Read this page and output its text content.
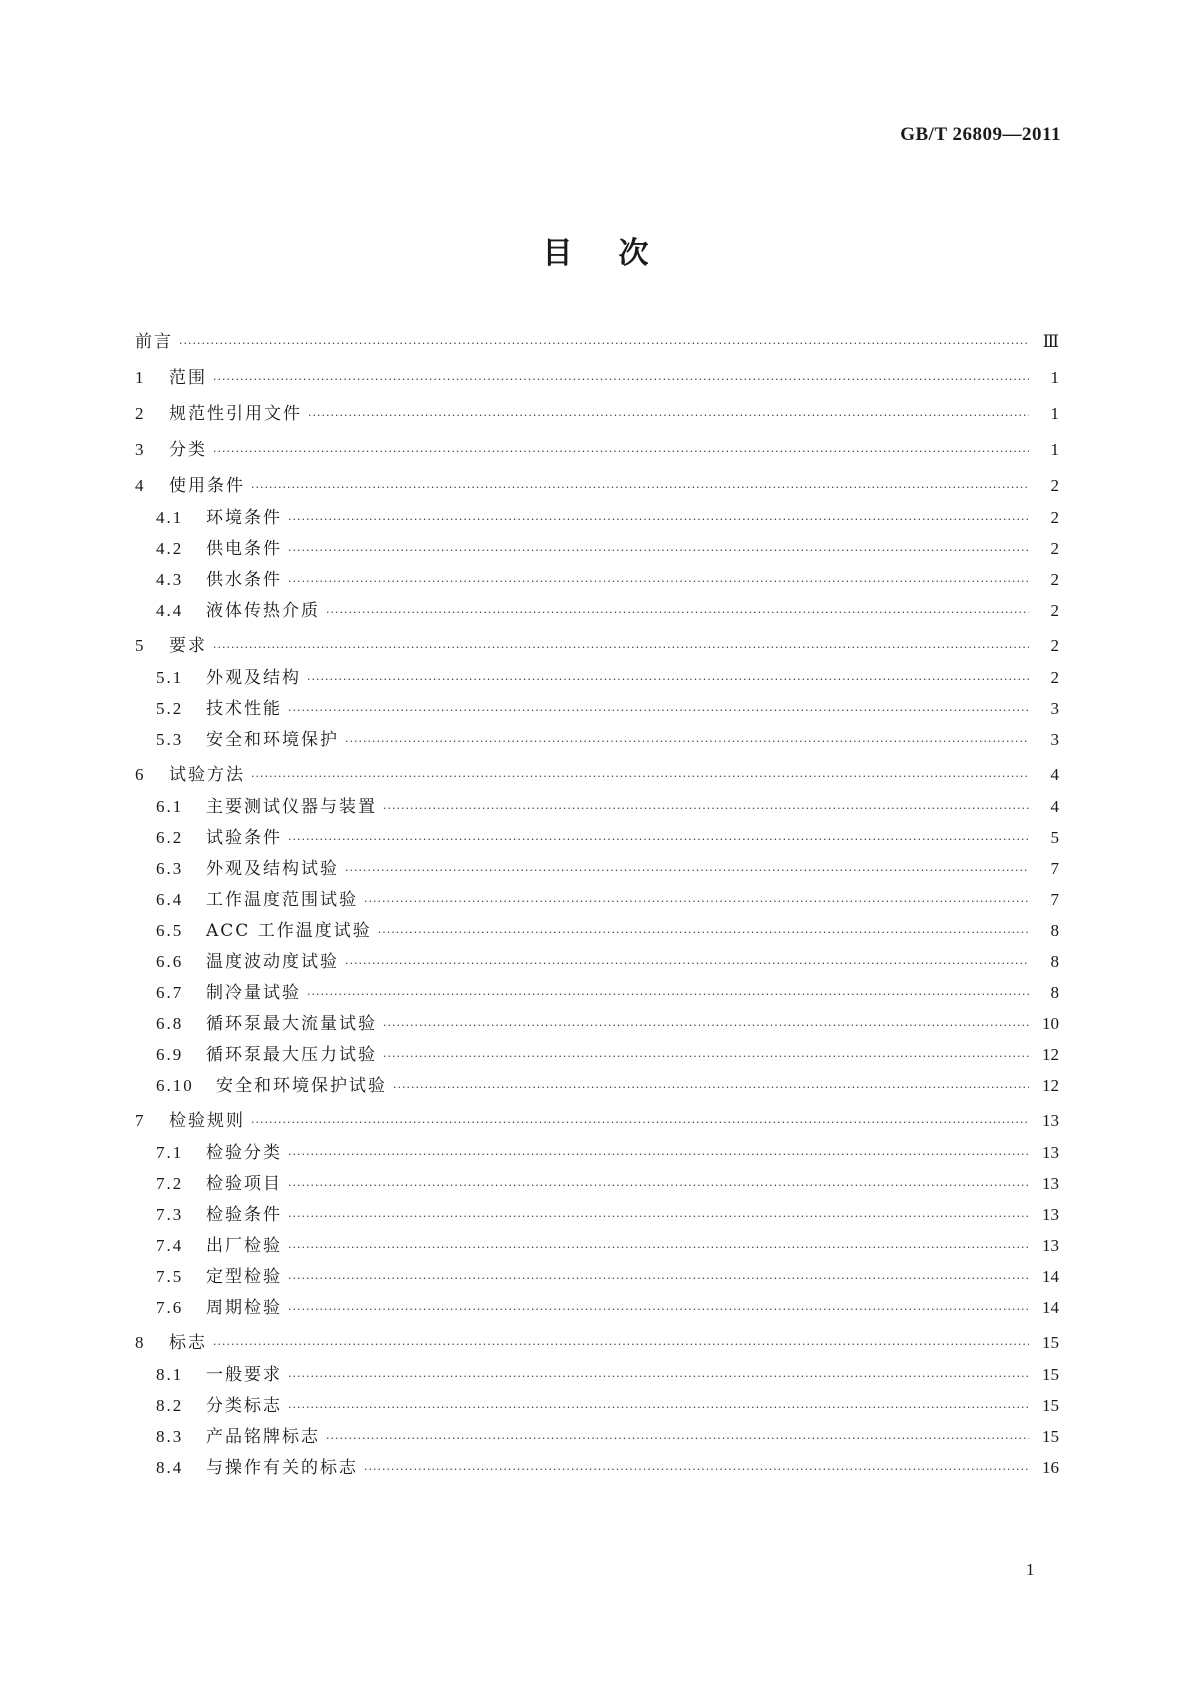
GB/T 26809—2011
目次
前言 ·····	Ⅲ
1	范围 ·····	1
2	规范性引用文件 ·····	1
3	分类 ·····	1
4	使用条件 ·····	2
4.1	环境条件 ·····	2
4.2	供电条件 ·····	2
4.3	供水条件 ·····	2
4.4	液体传热介质 ·····	2
5	要求 ·····	2
5.1	外观及结构 ·····	2
5.2	技术性能 ·····	3
5.3	安全和环境保护 ·····	3
6	试验方法 ·····	4
6.1	主要测试仪器与装置 ·····	4
6.2	试验条件 ·····	5
6.3	外观及结构试验 ·····	7
6.4	工作温度范围试验 ·····	7
6.5	ACC 工作温度试验 ·····	8
6.6	温度波动度试验 ·····	8
6.7	制冷量试验 ·····	8
6.8	循环泵最大流量试验 ·····	10
6.9	循环泵最大压力试验 ·····	12
6.10	安全和环境保护试验 ·····	12
7	检验规则 ·····	13
7.1	检验分类 ·····	13
7.2	检验项目 ·····	13
7.3	检验条件 ·····	13
7.4	出厂检验 ·····	13
7.5	定型检验 ·····	14
7.6	周期检验 ·····	14
8	标志 ·····	15
8.1	一般要求 ·····	15
8.2	分类标志 ·····	15
8.3	产品铭牌标志 ·····	15
8.4	与操作有关的标志 ·····	16
1
